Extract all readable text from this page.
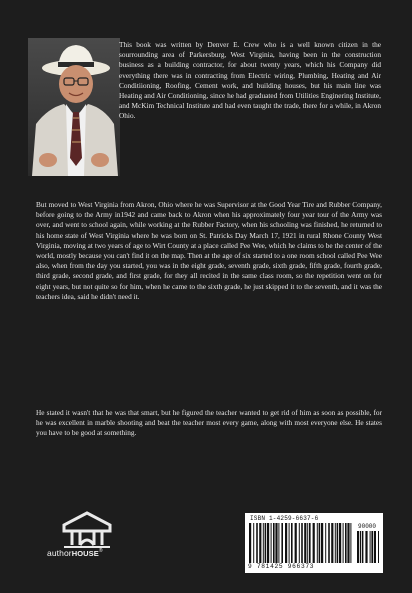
This book was written by Denver E. Crew who is a well known citizen in the sourrounding area of Parkersburg, West Virginia, having been in the construction business as a building contractor, for about twenty years, which his Company did everything there was in contracting from Electric wiring, Plumbing, Heating and Air Conditiioning, Roofing, Cement work, and building houses, but his main line was Heating and Air Conditioning, since he had graduated from Utilities Enginering Institute, and McKim Technical Institute and had even taught the trade, there for a while, in Akron Ohio.
But moved to West Virginia from Akron, Ohio where he was Supervisor at the Good Year Tire and Rubber Company, before going to the Army in1942 and came back to Akron when his approximately four year tour of the Army was over, and went to school again, while working at the Rubber Factory, when his schooling was finished, he returned to his home state of West Virginia where he was born on St. Patricks Day March 17, 1921 in rural Rhone County West Virginia, moving at two years of age to Wirt County at a place called Pee Wee, which he claims to be the center of the world, mostly because you can't find it on the map. Then at the age of six started to a one room school called Pee Wee also, when from the day you started, you was in the eight grade, seventh grade, sixth grade, fifth grade, fourth grade, third grade, second grade, and first grade, for they all recited in the same class room, so the repetition went on for eight years, but not quite so for him, when he came to the sixth grade, he just skipped it to the seventh, and it was the teachers idea, said he didn't need it.
He stated it wasn't that he was that smart, but he figured the teacher wanted to get rid of him as soon as possible, for he was excellent in marble shooting and beat the teacher most every game, along with most everyone else. He states you have to be good at something.
authorHOUSE®
ISBN 1-4259-6637-6
90000
9 781425 966373
